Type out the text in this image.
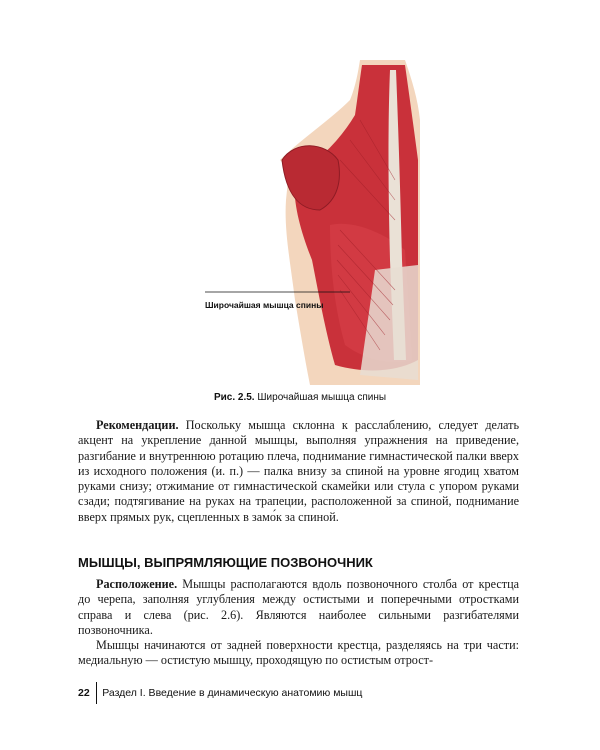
Широчайшая мышца спины
Рис. 2.5. Широчайшая мышца спины

Рекомендации. Поскольку мышца склонна к расслаблению, следует делать акцент на укрепление данной мышцы, выполняя упражнения на приведение, разгибание и внутреннюю ротацию плеча, поднимание гимнастической палки вверх из исходного положения (и. п.) — палка внизу за спиной на уровне ягодиц хватом руками снизу; отжимание от гимнастической скамейки или стула с упором руками сзади; подтягивание на руках на трапеции, расположенной за спиной, поднимание вверх прямых рук, сцепленных в замо́к за спиной.

МЫШЦЫ, ВЫПРЯМЛЯЮЩИЕ ПОЗВОНОЧНИК

Расположение. Мышцы располагаются вдоль позвоночного столба от крестца до черепа, заполняя углубления между остистыми и поперечными отростками справа и слева (рис. 2.6). Являются наиболее сильными разгибателями позвоночника.

Мышцы начинаются от задней поверхности крестца, разделяясь на три части: медиальную — остистую мышцу, проходящую по остистым отрост-

22 Раздел I. Введение в динамическую анатомию мышц
